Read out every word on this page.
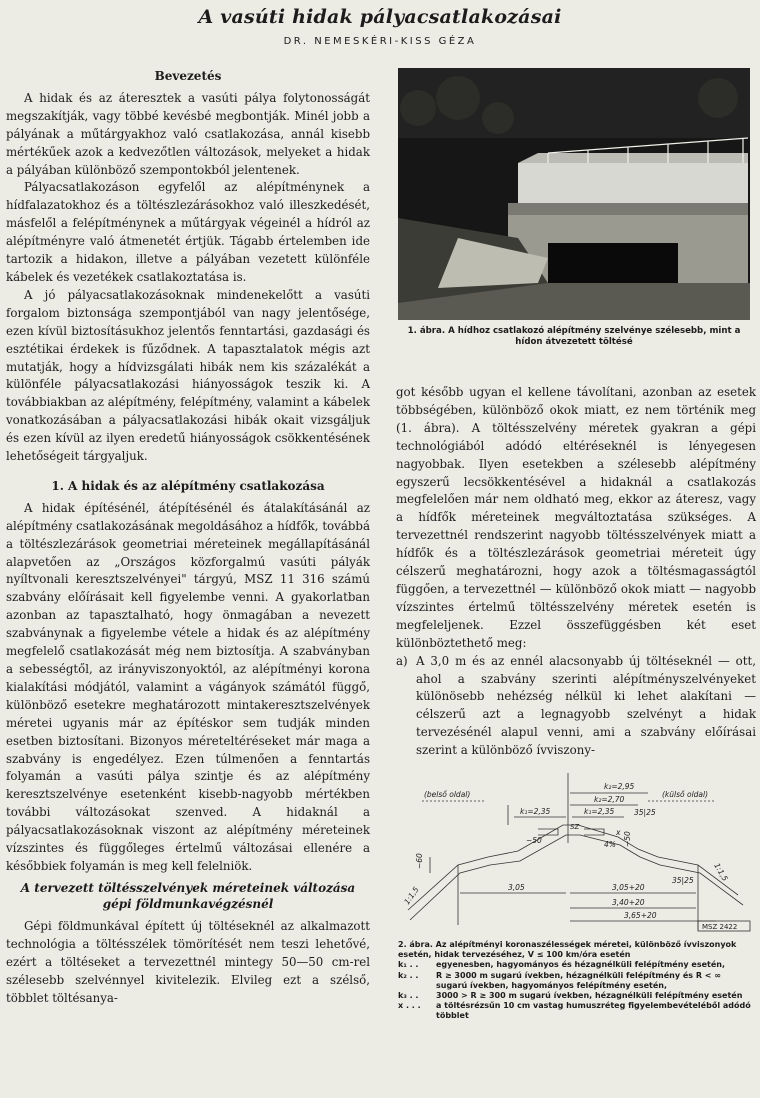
A vasúti hidak pályacsatlakozásai
DR. NEMESKÉRI-KISS GÉZA
Bevezetés

A hidak és az áteresztek a vasúti pálya folytonosságát megszakítják, vagy többé kevésbé megbontják. Minél jobb a pályának a műtárgyakhoz való csatlakozása, annál kisebb mértékűek azok a kedvezőtlen változások, melyeket a hidak a pályában különböző szempontokból jelentenek.

Pályacsatlakozáson egyfelől az alépítménynek a hídfalazatokhoz és a töltészlezárásokhoz való illeszkedését, másfelől a felépítménynek a műtárgyak végeinél a hídról az alépítményre való átmenetét értjük. Tágabb értelemben ide tartozik a hidakon, illetve a pályában vezetett különféle kábelek és vezetékek csatlakoztatása is.

A jó pályacsatlakozásoknak mindenekelőtt a vasúti forgalom biztonsága szempontjából van nagy jelentősége, ezen kívül biztosításukhoz jelentős fenntartási, gazdasági és esztétikai érdekek is fűződnek. A tapasztalatok mégis azt mutatják, hogy a hídvizsgálati hibák nem kis százalékát a különféle pályacsatlakozási hiányosságok teszik ki. A továbbiakban az alépítmény, felépítmény, valamint a kábelek vonatkozásában a pályacsatlakozási hibák okait vizsgáljuk és ezen kívül az ilyen eredetű hiányosságok csökkentésének lehetőségeit tárgyaljuk.

1. A hidak és az alépítmény csatlakozása

A hidak építésénél, átépítésénél és átalakításánál az alépítmény csatlakozásának megoldásához a hídfők, továbbá a töltészlezárások geometriai méreteinek megállapításánál alapvetően az „Országos közforgalmú vasúti pályák nyíltvonali keresztszelvényei" tárgyú, MSZ 11 316 számú szabvány előírásait kell figyelembe venni. A gyakorlatban azonban az tapasztalható, hogy önmagában a nevezett szabványnak a figyelembe vétele a hidak és az alépítmény megfelelő csatlakozását még nem biztosítja. A szabványban a sebességtől, az irányviszonyoktól, az alépítményi korona kialakítási módjától, valamint a vágányok számától függő, különböző esetekre meghatározott mintakeresztszelvények méretei ugyanis már az építéskor sem tudják minden esetben biztosítani. Bizonyos méreteltéréseket már maga a szabvány is engedélyez. Ezen túlmenően a fenntartás folyamán a vasúti pálya szintje és az alépítmény keresztszelvénye esetenként kisebb-nagyobb mértékben további változásokat szenved. A hidaknál a pályacsatlakozásoknak viszont az alépítmény méreteinek vízszintes és függőleges értelmű változásai ellenére a későbbiek folyamán is meg kell felelniök.

A tervezett töltésszelvények méreteinek változása gépi földmunkavégzésnél

Gépi földmunkával épített új töltéseknél az alkalmazott technológia a töltésszélek tömörítését nem teszi lehetővé, ezért a töltéseket a tervezettnél mintegy 50—50 cm-rel szélesebb szelvénnyel kivitelezik. Elvileg ezt a szélső, többlet töltésanya-

1. ábra. A hídhoz csatlakozó alépítmény szelvénye szélesebb, mint a hídon átvezetett töltésé

got később ugyan el kellene távolítani, azonban az esetek többségében, különböző okok miatt, ez nem történik meg (1. ábra). A töltésszelvény méretek gyakran a gépi technológiából adódó eltéréseknél is lényegesen nagyobbak. Ilyen esetekben a szélesebb alépítmény egyszerű lecsökkentésével a hidaknál a csatlakozás megfelelően már nem oldható meg, ekkor az áteresz, vagy a hídfők méreteinek megváltoztatása szükséges. A tervezettnél rendszerint nagyobb töltésszelvények miatt a hídfők és a töltészlezárások geometriai méreteit úgy célszerű meghatározni, hogy azok a töltésmagasságtól függően, a tervezettnél — különböző okok miatt — nagyobb vízszintes értelmű töltésszelvény méretek esetén is megfeleljenek. Ezzel összefüggésben két eset különböztethető meg:

a) A 3,0 m és az ennél alacsonyabb új töltéseknél — ott, ahol a szabvány szerinti alépítményszelvényeket különösebb nehézség nélkül ki lehet alakítani — célszerű azt a legnagyobb szelvényt a hidak tervezésénél alapul venni, ami a szabvány előírásai szerint a különböző ívviszony-

(belső oldal)	(külső oldal)
k₂=2,95
k₂=2,70
k₁=2,35	k₁=2,35	35|25
35|25
SZ
x
~60
~50	~50
4%
1:1,5
1:1,5
3,05	3,05+20
3,40+20
3,65+20
MSZ 2422
2. ábra. Az alépítményi koronaszélességek méretei, különböző ívviszonyok esetén, hidak tervezéséhez, V ≤ 100 km/óra esetén
k₁ . .	egyenesben, hagyományos és hézagnélküli felépítmény esetén,
k₂ . .	R ≥ 3000 m sugarú ívekben, hézagnélküli felépítmény és R < ∞ sugarú ívekben, hagyományos felépítmény esetén,
k₃ . .	3000 > R ≥ 300 m sugarú ívekben, hézagnélküli felépítmény esetén
x . . .	a töltésrézsűn 10 cm vastag humuszréteg figyelembevételéből adódó többlet
